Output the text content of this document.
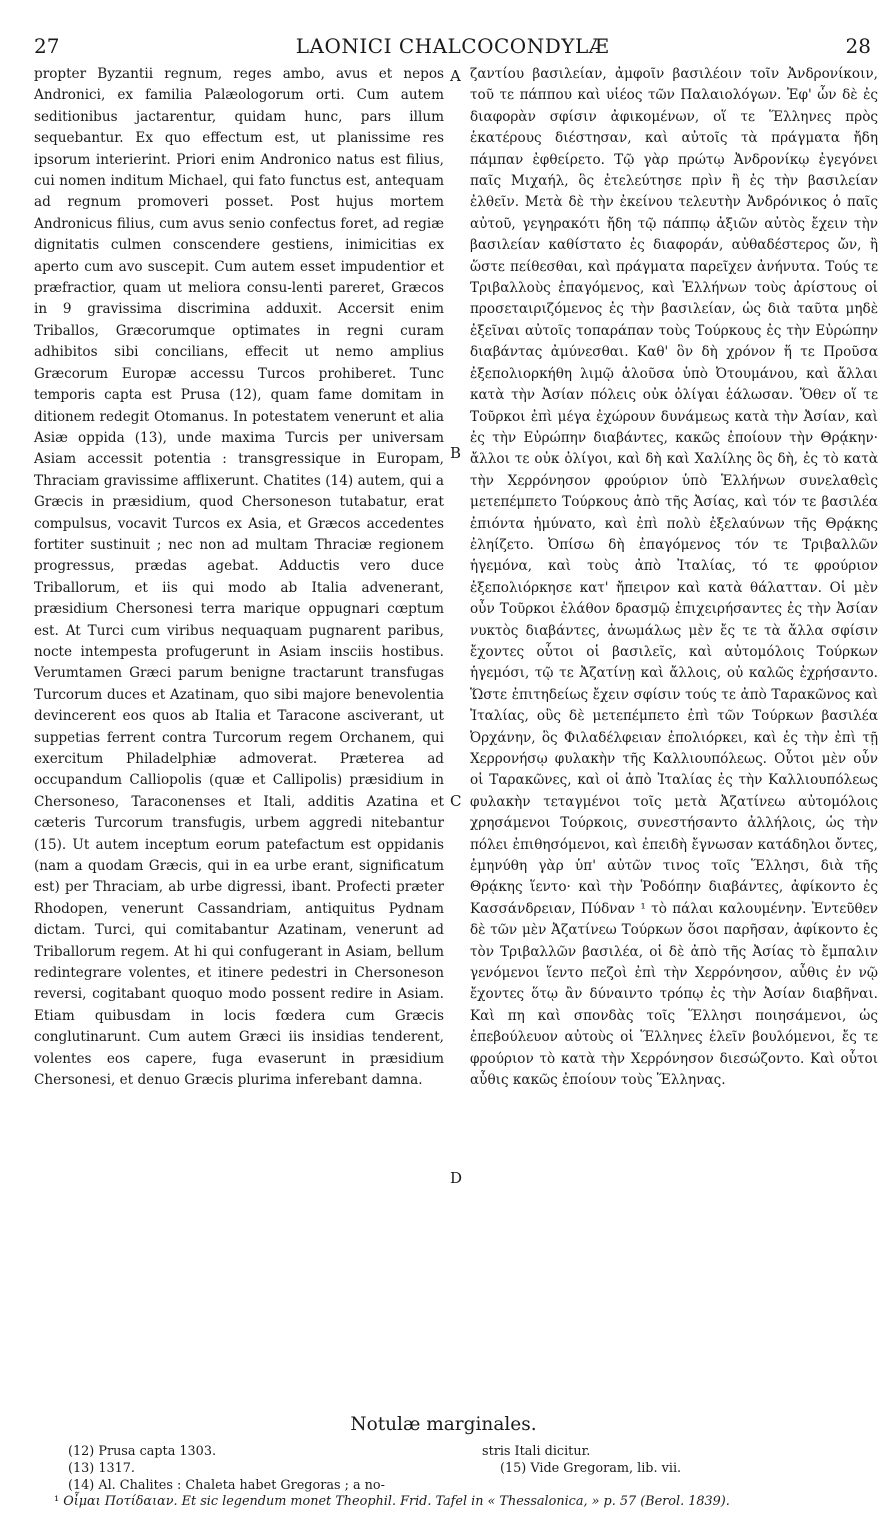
27	LAONICI CHALCOCONDYLÆ	28

propter Byzantii regnum, reges ambo, avus et nepos Andronici, ex familia Palæologorum orti. Cum autem seditionibus jactarentur, quidam hunc, pars illum sequebantur. Ex quo effectum est, ut planissime res ipsorum interierint. Priori enim Andronico natus est filius, cui nomen inditum Michael, qui fato functus est, antequam ad regnum promoveri posset. Post hujus mortem Andronicus filius, cum avus senio confectus foret, ad regiæ dignitatis culmen conscendere gestiens, inimicitias ex aperto cum avo suscepit. Cum autem esset impudentior et præfractior, quam ut meliora consu-lenti pareret, Græcos in 9 gravissima discrimina adduxit. Accersit enim Triballos, Græcorumque optimates in regni curam adhibitos sibi concilians, effecit ut nemo amplius Græcorum Europæ accessu Turcos prohiberet. Tunc temporis capta est Prusa (12), quam fame domitam in ditionem redegit Otomanus. In potestatem venerunt et alia Asiæ oppida (13), unde maxima Turcis per universam Asiam accessit potentia : transgressique in Europam, Thraciam gravissime afflixerunt. Chatites (14) autem, qui a Græcis in præsidium, quod Chersoneson tutabatur, erat compulsus, vocavit Turcos ex Asia, et Græcos accedentes fortiter sustinuit ; nec non ad multam Thraciæ regionem progressus, prædas agebat. Adductis vero duce Triballorum, et iis qui modo ab Italia advenerant, præsidium Chersonesi terra marique oppugnari cœptum est. At Turci cum viribus nequaquam pugnarent paribus, nocte intempesta profugerunt in Asiam insciis hostibus. Verumtamen Græci parum benigne tractarunt transfugas Turcorum duces et Azatinam, quo sibi majore benevolentia devincerent eos quos ab Italia et Taracone asciverant, ut suppetias ferrent contra Turcorum regem Orchanem, qui exercitum Philadelphiæ admoverat. Præterea ad occupandum Calliopolis (quæ et Callipolis) præsidium in Chersoneso, Taraconenses et Itali, additis Azatina et cæteris Turcorum transfugis, urbem aggredi nitebantur (15). Ut autem inceptum eorum patefactum est oppidanis (nam a quodam Græcis, qui in ea urbe erant, significatum est) per Thraciam, ab urbe digressi, ibant. Profecti præter Rhodopen, venerunt Cassandriam, antiquitus Pydnam dictam. Turci, qui comitabantur Azatinam, venerunt ad Triballorum regem. At hi qui confugerant in Asiam, bellum redintegrare volentes, et itinere pedestri in Chersoneson reversi, cogitabant quoquo modo possent redire in Asiam. Etiam quibusdam in locis fœdera cum Græcis conglutinarunt. Cum autem Græci iis insidias tenderent, volentes eos capere, fuga evaserunt in præsidium Chersonesi, et denuo Græcis plurima inferebant damna.

A
B
C
D

ζαντίου βασιλείαν, ἀμφοῖν βασιλέοιν τοῖν Ἀνδρονίκοιν, τοῦ τε πάππου καὶ υἱέος τῶν Παλαιολόγων. Ἐφ' ὧν δὲ ἐς διαφορὰν σφίσιν ἀφικομένων, οἵ τε Ἕλληνες πρὸς ἑκατέρους διέστησαν, καὶ αὐτοῖς τὰ πράγματα ἤδη πάμπαν ἐφθείρετο. Τῷ γὰρ πρώτῳ Ἀνδρονίκῳ ἐγεγόνει παῖς Μιχαήλ, ὃς ἐτελεύτησε πρὶν ἢ ἐς τὴν βασιλείαν ἐλθεῖν. Μετὰ δὲ τὴν ἐκείνου τελευτὴν Ἀνδρόνικος ὁ παῖς αὐτοῦ, γεγηρακότι ἤδη τῷ πάππῳ ἀξιῶν αὐτὸς ἔχειν τὴν βασιλείαν καθίστατο ἐς διαφοράν, αὐθαδέστερος ὤν, ἢ ὥστε πείθεσθαι, καὶ πράγματα παρεῖχεν ἀνήνυτα. Τούς τε Τριβαλλοὺς ἐπαγόμενος, καὶ Ἑλλήνων τοὺς ἀρίστους οἱ προσεταιριζόμενος ἐς τὴν βασιλείαν, ὡς διὰ ταῦτα μηδὲ ἐξεῖναι αὐτοῖς τοπαράπαν τοὺς Τούρκους ἐς τὴν Εὐρώπην διαβάντας ἀμύνεσθαι. Καθ' ὃν δὴ χρόνον ἥ τε Προῦσα ἐξεπολιορκήθη λιμῷ ἁλοῦσα ὑπὸ Ὀτουμάνου, καὶ ἄλλαι κατὰ τὴν Ἀσίαν πόλεις οὐκ ὀλίγαι ἑάλωσαν. Ὅθεν οἵ τε Τοῦρκοι ἐπὶ μέγα ἐχώρουν δυνάμεως κατὰ τὴν Ἀσίαν, καὶ ἐς τὴν Εὐρώπην διαβάντες, κακῶς ἐποίουν τὴν Θρᾴκην· ἄλλοι τε οὐκ ὀλίγοι, καὶ δὴ καὶ Χαλίλης ὃς δὴ, ἐς τὸ κατὰ τὴν Χερρόνησον φρούριον ὑπὸ Ἑλλήνων συνελαθεὶς μετεπέμπετο Τούρκους ἀπὸ τῆς Ἀσίας, καὶ τόν τε βασιλέα ἐπιόντα ἠμύνατο, καὶ ἐπὶ πολὺ ἐξελαύνων τῆς Θρᾴκης ἐληίζετο. Ὀπίσω δὴ ἐπαγόμενος τόν τε Τριβαλλῶν ἡγεμόνα, καὶ τοὺς ἀπὸ Ἰταλίας, τό τε φρούριον ἐξεπολιόρκησε κατ' ἤπειρον καὶ κατὰ θάλατταν. Οἱ μὲν οὖν Τοῦρκοι ἐλάθον δρασμῷ ἐπιχειρήσαντες ἐς τὴν Ἀσίαν νυκτὸς διαβάντες, ἀνωμάλως μὲν ἔς τε τὰ ἄλλα σφίσιν ἔχοντες οὗτοι οἱ βασιλεῖς, καὶ αὐτομόλοις Τούρκων ἡγεμόσι, τῷ τε Ἀζατίνῃ καὶ ἄλλοις, οὐ καλῶς ἐχρήσαντο. Ὥστε ἐπιτηδείως ἔχειν σφίσιν τούς τε ἀπὸ Ταρακῶνος καὶ Ἰταλίας, οὓς δὲ μετεπέμπετο ἐπὶ τῶν Τούρκων βασιλέα Ὀρχάνην, ὃς Φιλαδέλφειαν ἐπολιόρκει, καὶ ἐς τὴν ἐπὶ τῇ Χερρονήσῳ φυλακὴν τῆς Καλλιουπόλεως. Οὗτοι μὲν οὖν οἱ Ταρακῶνες, καὶ οἱ ἀπὸ Ἰταλίας ἐς τὴν Καλλιουπόλεως φυλακὴν τεταγμένοι τοῖς μετὰ Ἀζατίνεω αὐτομόλοις χρησάμενοι Τούρκοις, συνεστήσαντο ἀλλήλοις, ὡς τὴν πόλει ἐπιθησόμενοι, καὶ ἐπειδὴ ἔγνωσαν κατάδηλοι ὄντες, ἐμηνύθη γὰρ ὑπ' αὐτῶν τινος τοῖς Ἕλλησι, διὰ τῆς Θρᾴκης ἵεντο· καὶ τὴν Ῥοδόπην διαβάντες, ἀφίκοντο ἐς Κασσάνδρειαν, Πύδναν ¹ τὸ πάλαι καλουμένην. Ἐντεῦθεν δὲ τῶν μὲν Ἀζατίνεω Τούρκων ὅσοι παρῆσαν, ἀφίκοντο ἐς τὸν Τριβαλλῶν βασιλέα, οἱ δὲ ἀπὸ τῆς Ἀσίας τὸ ἔμπαλιν γενόμενοι ἵεντο πεζοὶ ἐπὶ τὴν Χερρόνησον, αὖθις ἐν νῷ ἔχοντες ὅτῳ ἂν δύναιντο τρόπῳ ἐς τὴν Ἀσίαν διαβῆναι. Καὶ πη καὶ σπονδὰς τοῖς Ἕλλησι ποιησάμενοι, ὡς ἐπεβούλευον αὐτοὺς οἱ Ἕλληνες ἑλεῖν βουλόμενοι, ἔς τε φρούριον τὸ κατὰ τὴν Χερρόνησον διεσώζοντο. Καὶ οὗτοι αὖθις κακῶς ἐποίουν τοὺς Ἕλληνας.

Notulæ marginales.
(12) Prusa capta 1303.
(13) 1317.
(14) Al. Chalites : Chaleta habet Gregoras ; a no-
stris Itali dicitur.
(15) Vide Gregoram, lib. vii.
¹ Οἶμαι Ποτίδαιαν. Et sic legendum monet Theophil. Frid. Tafel in « Thessalonica, » p. 57 (Berol. 1839).
